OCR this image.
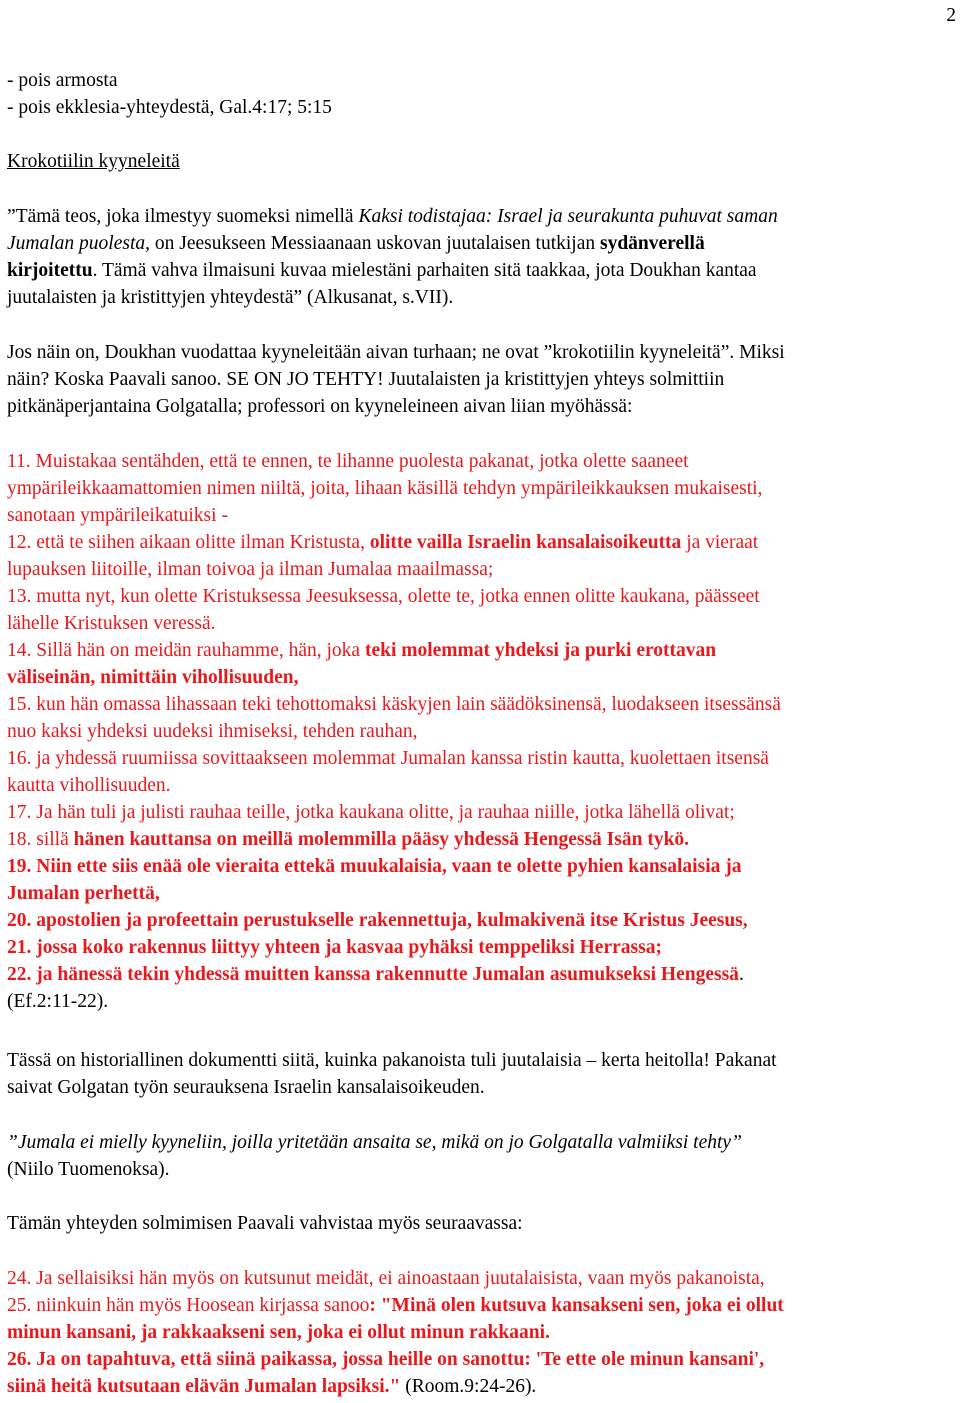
2
- pois armosta
- pois ekklesia-yhteydestä, Gal.4:17; 5:15
Krokotiilin kyyneleitä
”Tämä teos, joka ilmestyy suomeksi nimellä Kaksi todistajaa: Israel ja seurakunta puhuvat saman
Jumalan puolesta, on Jeesukseen Messiaanaan uskovan juutalaisen tutkijan sydänverellä
kirjoitettu. Tämä vahva ilmaisuni kuvaa mielestäni parhaiten sitä taakkaa, jota Doukhan kantaa
juutalaisten ja kristittyjen yhteydestä” (Alkusanat, s.VII).
Jos näin on, Doukhan vuodattaa kyyneleitään aivan turhaan; ne ovat ”krokotiilin kyyneleitä”. Miksi
näin? Koska Paavali sanoo. SE ON JO TEHTY! Juutalaisten ja kristittyjen yhteys solmittiin
pitkänäperjantaina Golgatalla; professori on kyyneleineen aivan liian myöhässä:
11. Muistakaa sentähden, että te ennen, te lihanne puolesta pakanat, jotka olette saaneet
ympärileikkaamattomien nimen niiltä, joita, lihaan käsillä tehdyn ympärileikkauksen mukaisesti,
sanotaan ympärileikatuiksi -
12. että te siihen aikaan olitte ilman Kristusta, olitte vailla Israelin kansalaisoikeutta ja vieraat
lupauksen liitoille, ilman toivoa ja ilman Jumalaa maailmassa;
13. mutta nyt, kun olette Kristuksessa Jeesuksessa, olette te, jotka ennen olitte kaukana, päässeet
lähelle Kristuksen veressä.
14. Sillä hän on meidän rauhamme, hän, joka teki molemmat yhdeksi ja purki erottavan
väliseinän, nimittäin vihollisuuden,
15. kun hän omassa lihassaan teki tehottomaksi käskyjen lain säädöksinensä, luodakseen itsessänsä
nuo kaksi yhdeksi uudeksi ihmiseksi, tehden rauhan,
16. ja yhdessä ruumiissa sovittaakseen molemmat Jumalan kanssa ristin kautta, kuolettaen itsensä
kautta vihollisuuden.
17. Ja hän tuli ja julisti rauhaa teille, jotka kaukana olitte, ja rauhaa niille, jotka lähellä olivat;
18. sillä hänen kauttansa on meillä molemmilla pääsy yhdessä Hengessä Isän tykö.
19. Niin ette siis enää ole vieraita ettekä muukalaisia, vaan te olette pyhien kansalaisia ja
Jumalan perhettä,
20. apostolien ja profeettain perustukselle rakennettuja, kulmakivenä itse Kristus Jeesus,
21. jossa koko rakennus liittyy yhteen ja kasvaa pyhäksi temppeliksi Herrassa;
22. ja hänessä tekin yhdessä muitten kanssa rakennutte Jumalan asumukseksi Hengessä.
(Ef.2:11-22).
Tässä on historiallinen dokumentti siitä, kuinka pakanoista tuli juutalaisia – kerta heitolla! Pakanat
saivat Golgatan työn seurauksena Israelin kansalaisoikeuden.
”Jumala ei mielly kyyneliin, joilla yritetään ansaita se, mikä on jo Golgatalla valmiiksi tehty”
(Niilo Tuomenoksa).
Tämän yhteyden solmimisen Paavali vahvistaa myös seuraavassa:
24. Ja sellaisiksi hän myös on kutsunut meidät, ei ainoastaan juutalaisista, vaan myös pakanoista,
25. niinkuin hän myös Hoosean kirjassa sanoo: "Minä olen kutsuva kansakseni sen, joka ei ollut
minun kansani, ja rakkaakseni sen, joka ei ollut minun rakkaani.
26. Ja on tapahtuva, että siinä paikassa, jossa heille on sanottu: 'Te ette ole minun kansani',
siinä heitä kutsutaan elävän Jumalan lapsiksi." (Room.9:24-26).
